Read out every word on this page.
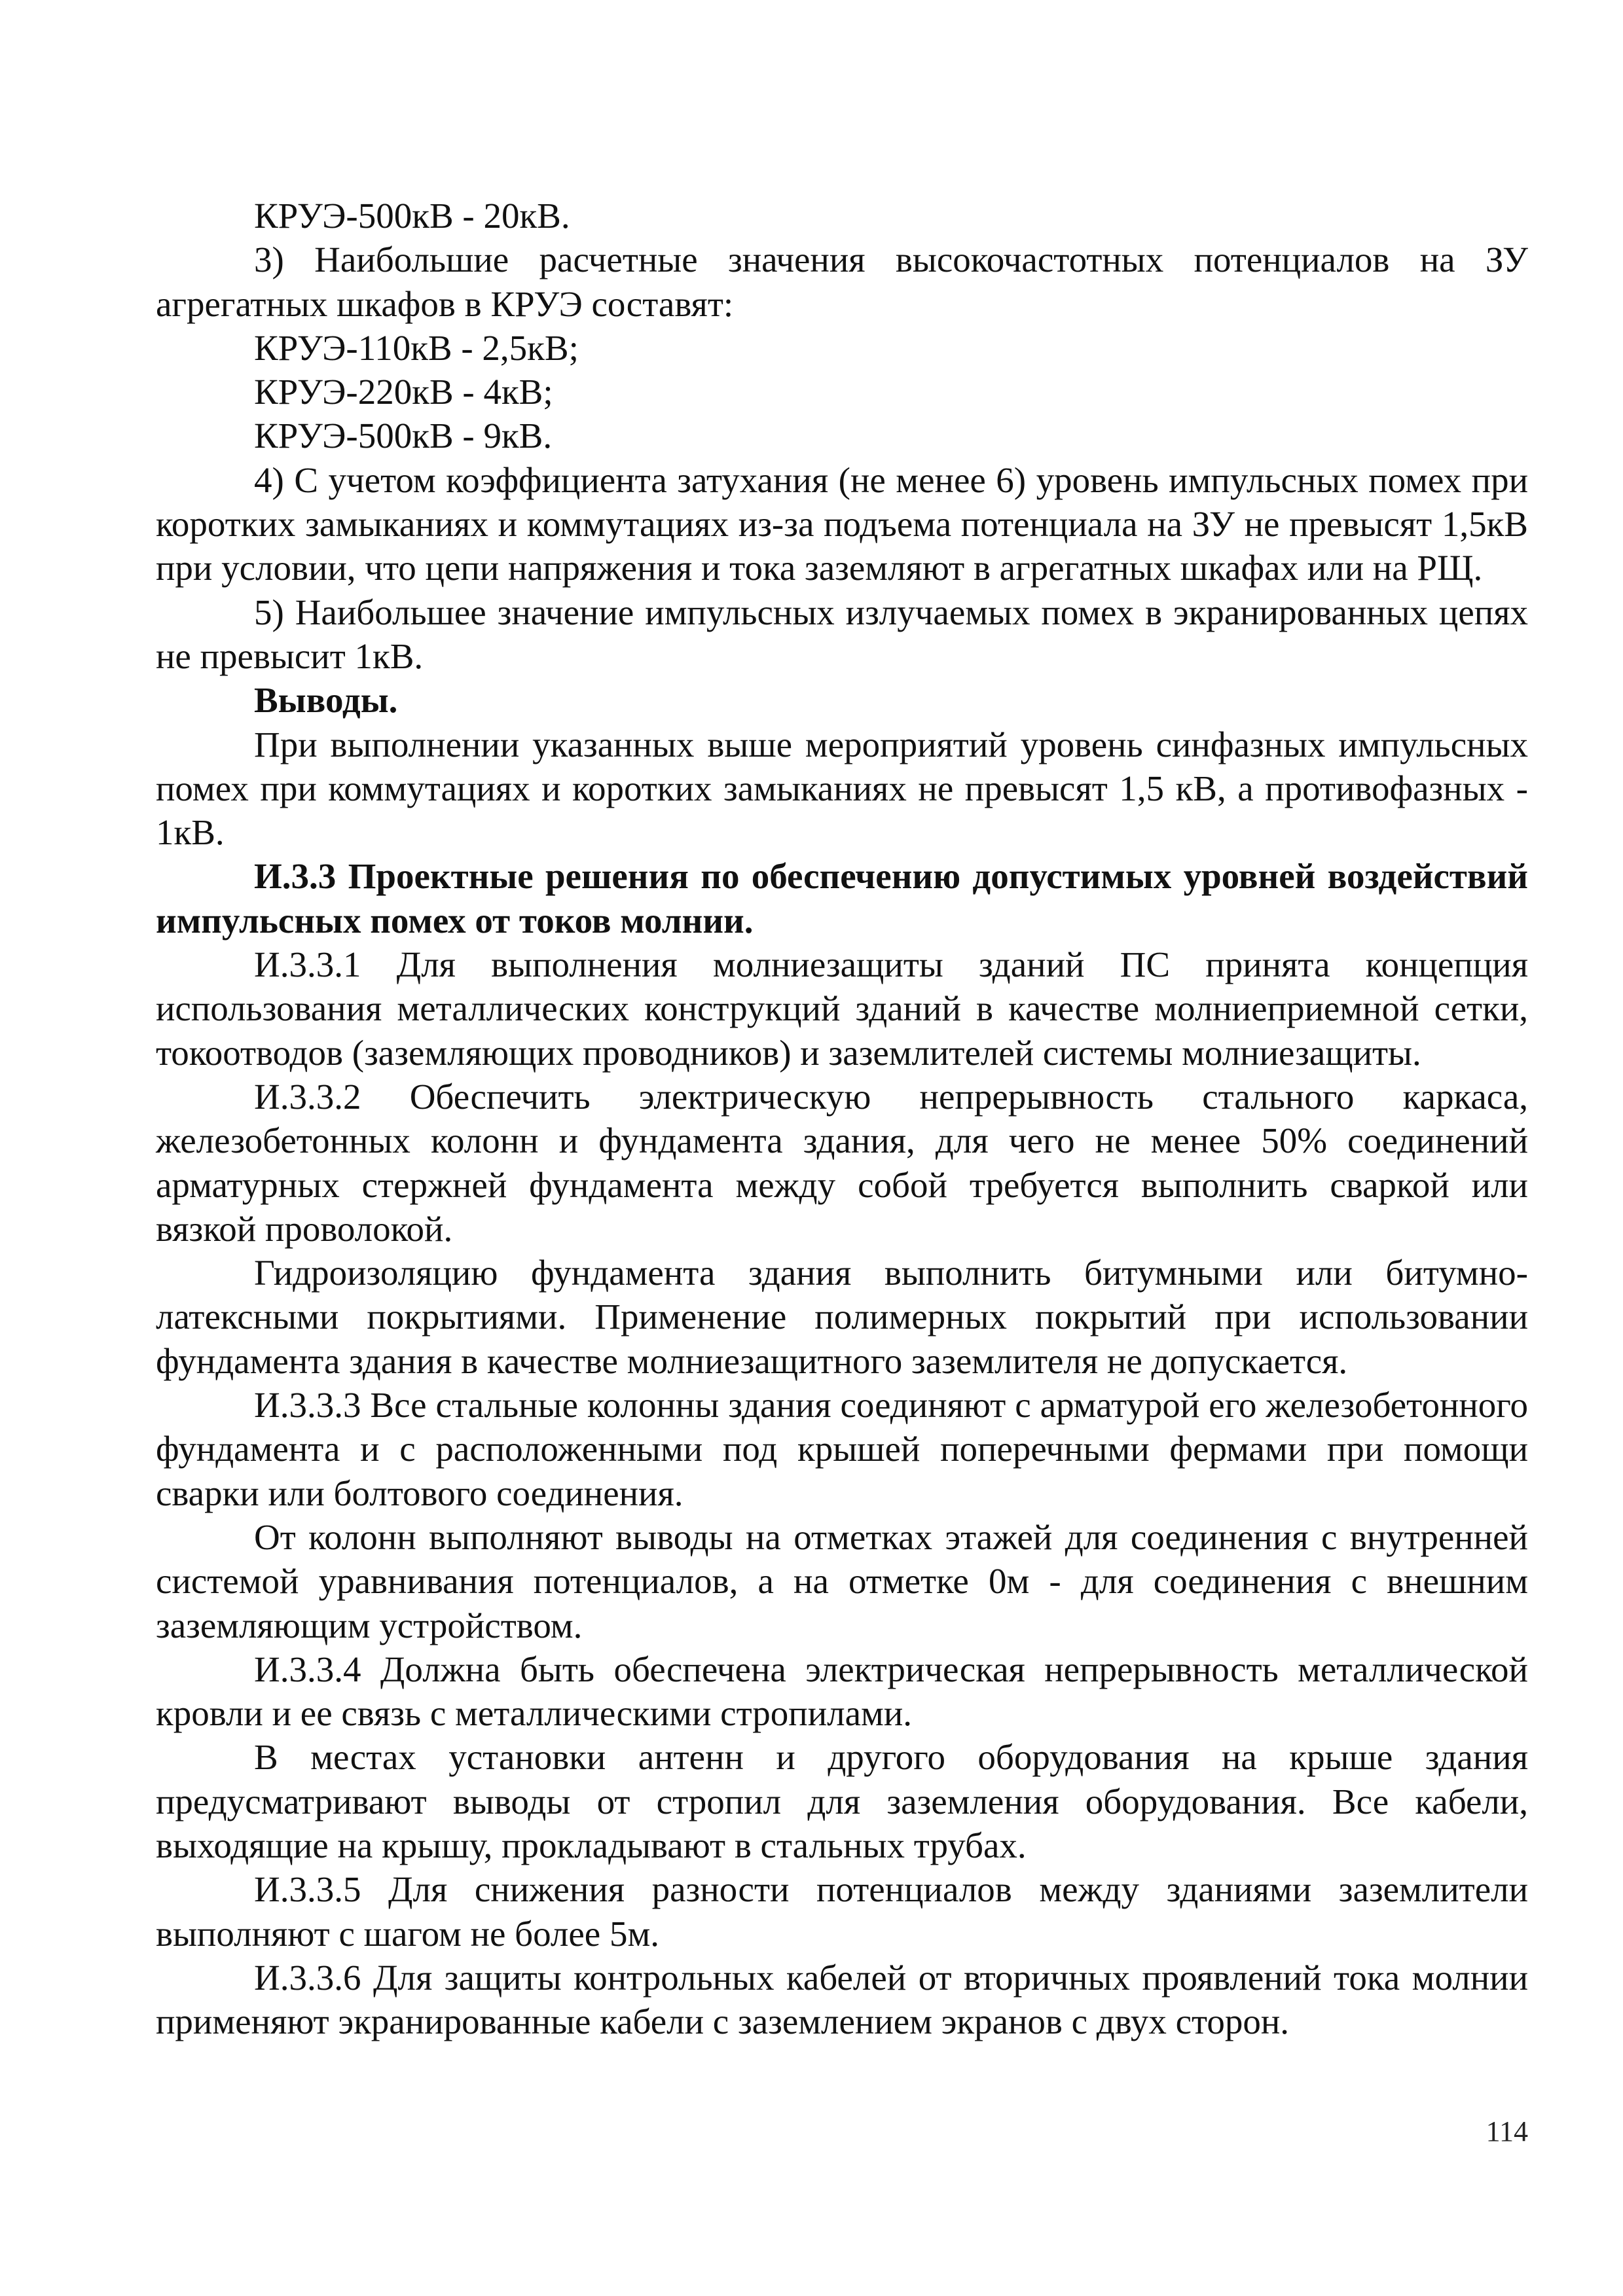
КРУЭ-500кВ - 20кВ.

3) Наибольшие расчетные значения высокочастотных потенциалов на ЗУ агрегатных шкафов в КРУЭ составят:

КРУЭ-110кВ - 2,5кВ;

КРУЭ-220кВ - 4кВ;

КРУЭ-500кВ - 9кВ.

4) С учетом коэффициента затухания (не менее 6) уровень импульсных помех при коротких замыканиях и коммутациях из-за подъема потенциала на ЗУ не превысят 1,5кВ при условии, что цепи напряжения и тока заземляют в агрегатных шкафах или на РЩ.

5) Наибольшее значение импульсных излучаемых помех в экранированных цепях не превысит 1кВ.

Выводы.

При выполнении указанных выше мероприятий уровень синфазных импульсных помех при коммутациях и коротких замыканиях не превысят 1,5 кВ, а противофазных - 1кВ.

И.3.3 Проектные решения по обеспечению допустимых уровней воздействий импульсных помех от токов молнии.

И.3.3.1 Для выполнения молниезащиты зданий ПС принята концепция использования металлических конструкций зданий в качестве молниеприемной сетки, токоотводов (заземляющих проводников) и заземлителей системы молниезащиты.

И.3.3.2 Обеспечить электрическую непрерывность стального каркаса, железобетонных колонн и фундамента здания, для чего не менее 50% соединений арматурных стержней фундамента между собой требуется выполнить сваркой или вязкой проволокой.

Гидроизоляцию фундамента здания выполнить битумными или битумно-латексными покрытиями. Применение полимерных покрытий при использовании фундамента здания в качестве молниезащитного заземлителя не допускается.

И.3.3.3 Все стальные колонны здания соединяют с арматурой его железобетонного фундамента и с расположенными под крышей поперечными фермами при помощи сварки или болтового соединения.

От колонн выполняют выводы на отметках этажей для соединения с внутренней системой уравнивания потенциалов, а на отметке 0м - для соединения с внешним заземляющим устройством.

И.3.3.4 Должна быть обеспечена электрическая непрерывность металлической кровли и ее связь с металлическими стропилами.

В местах установки антенн и другого оборудования на крыше здания предусматривают выводы от стропил для заземления оборудования. Все кабели, выходящие на крышу, прокладывают в стальных трубах.

И.3.3.5 Для снижения разности потенциалов между зданиями заземлители выполняют с шагом не более 5м.

И.3.3.6 Для защиты контрольных кабелей от вторичных проявлений тока молнии применяют экранированные кабели с заземлением экранов с двух сторон.

114
